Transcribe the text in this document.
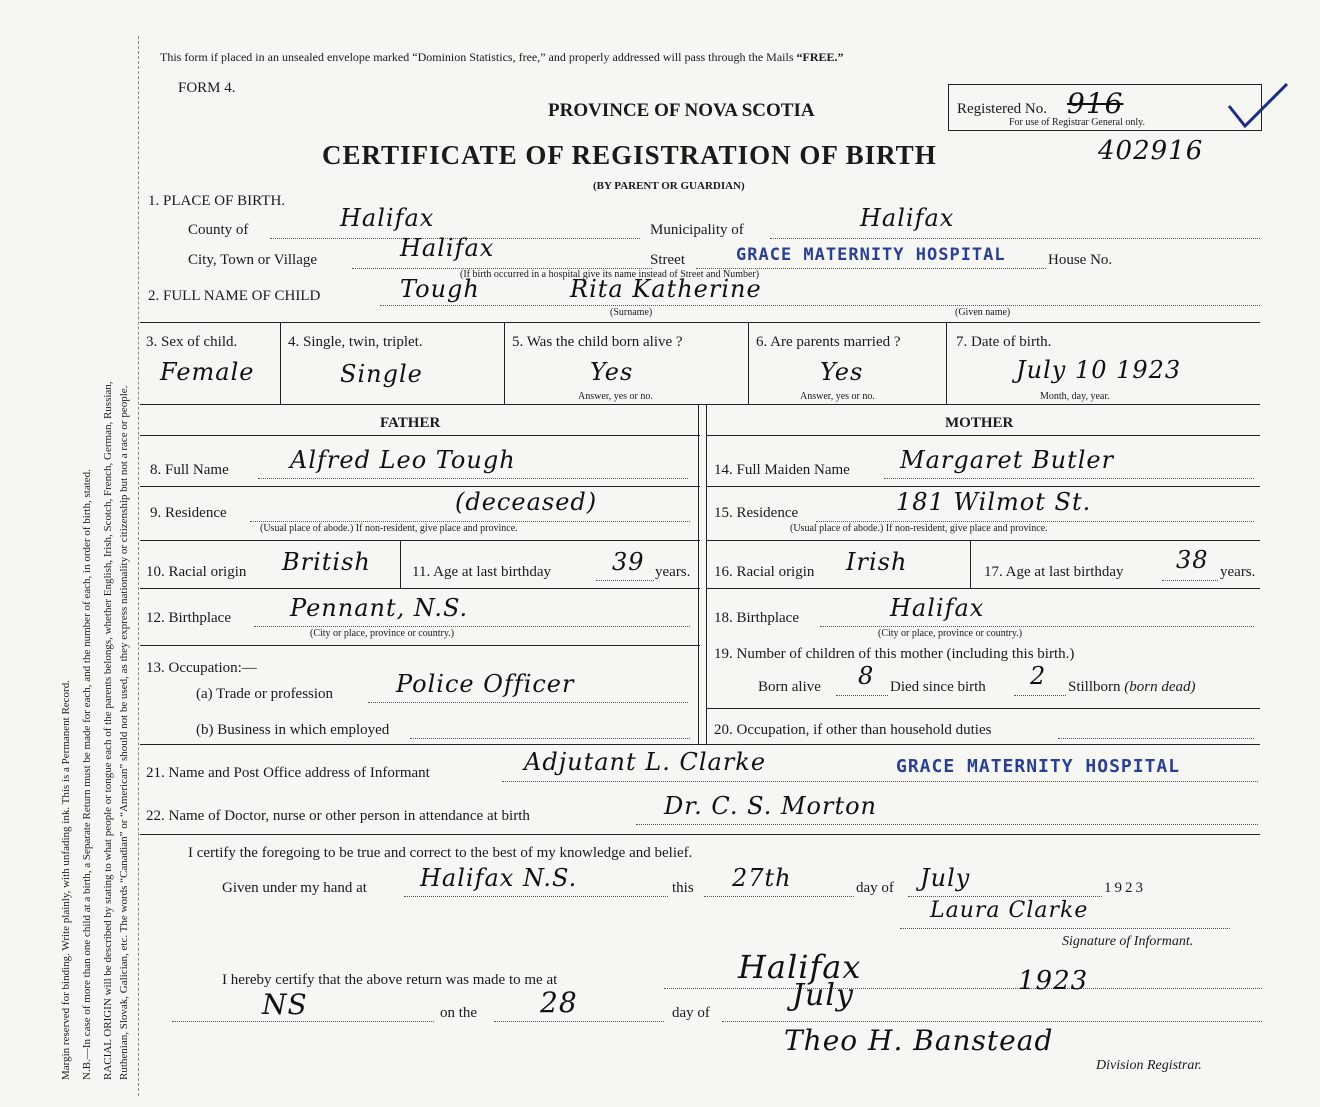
Margin reserved for binding. Write plainly, with unfading ink. This is a Permanent Record. N.B.—In case of more than one child at a birth, a Separate Return must be made for each, and the number of each, in order of birth, stated. RACIAL ORIGIN will be described by stating to what people or tongue each of the parents belongs, whether English, Irish, Scotch, French, German, Russian, Ruthenian, Slovak, Galician, etc. The words “Canadian” or “American” should not be used, as they express nationality or citizenship but not a race or people.
This form if placed in an unsealed envelope marked “Dominion Statistics, free,” and properly addressed will pass through the Mails “FREE.”
FORM 4.
PROVINCE OF NOVA SCOTIA
CERTIFICATE OF REGISTRATION OF BIRTH
(BY PARENT OR GUARDIAN)
Registered No. 916
For use of Registrar General only.
402916
1. PLACE OF BIRTH.
County of	Halifax	Municipality of	Halifax
City, Town or Village	Halifax	Street	GRACE MATERNITY HOSPITAL	House No.
(If birth occurred in a hospital give its name instead of Street and Number)
2. FULL NAME OF CHILD	Tough	Rita Katherine
(Surname)	(Given name)
3. Sex of child.
Female
4. Single, twin, triplet.
Single
5. Was the child born alive ?
Yes
Answer, yes or no.
6. Are parents married ?
Yes
Answer, yes or no.
7. Date of birth.
July 10 1923
Month, day, year.
FATHER	MOTHER
8. Full Name	Alfred Leo Tough
9. Residence	(deceased)
(Usual place of abode.) If non-resident, give place and province.
10. Racial origin British	11. Age at last birthday	39 years.
12. Birthplace Pennant, N.S.
(City or place, province or country.)
13. Occupation:—
(a) Trade or profession	Police Officer
(b) Business in which employed
14. Full Maiden Name Margaret Butler
15. Residence	181 Wilmot St.
(Usual place of abode.) If non-resident, give place and province.
16. Racial origin Irish	17. Age at last birthday 38 years.
18. Birthplace	Halifax
(City or place, province or country.)
19. Number of children of this mother (including this birth.)
Born alive 8 Died since birth 2 Stillborn (born dead)
20. Occupation, if other than household duties
21. Name and Post Office address of Informant	Adjutant L. Clarke	GRACE MATERNITY HOSPITAL
22. Name of Doctor, nurse or other person in attendance at birth	Dr. C. S. Morton
I certify the foregoing to be true and correct to the best of my knowledge and belief.
Given under my hand at Halifax N.S.	this 27th	day of July	1923
Laura Clarke
Signature of Informant.
I hereby certify that the above return was made to me at	Halifax
NS	on the 28	day of	July	1923
Theo H. Banstead
Division Registrar.
